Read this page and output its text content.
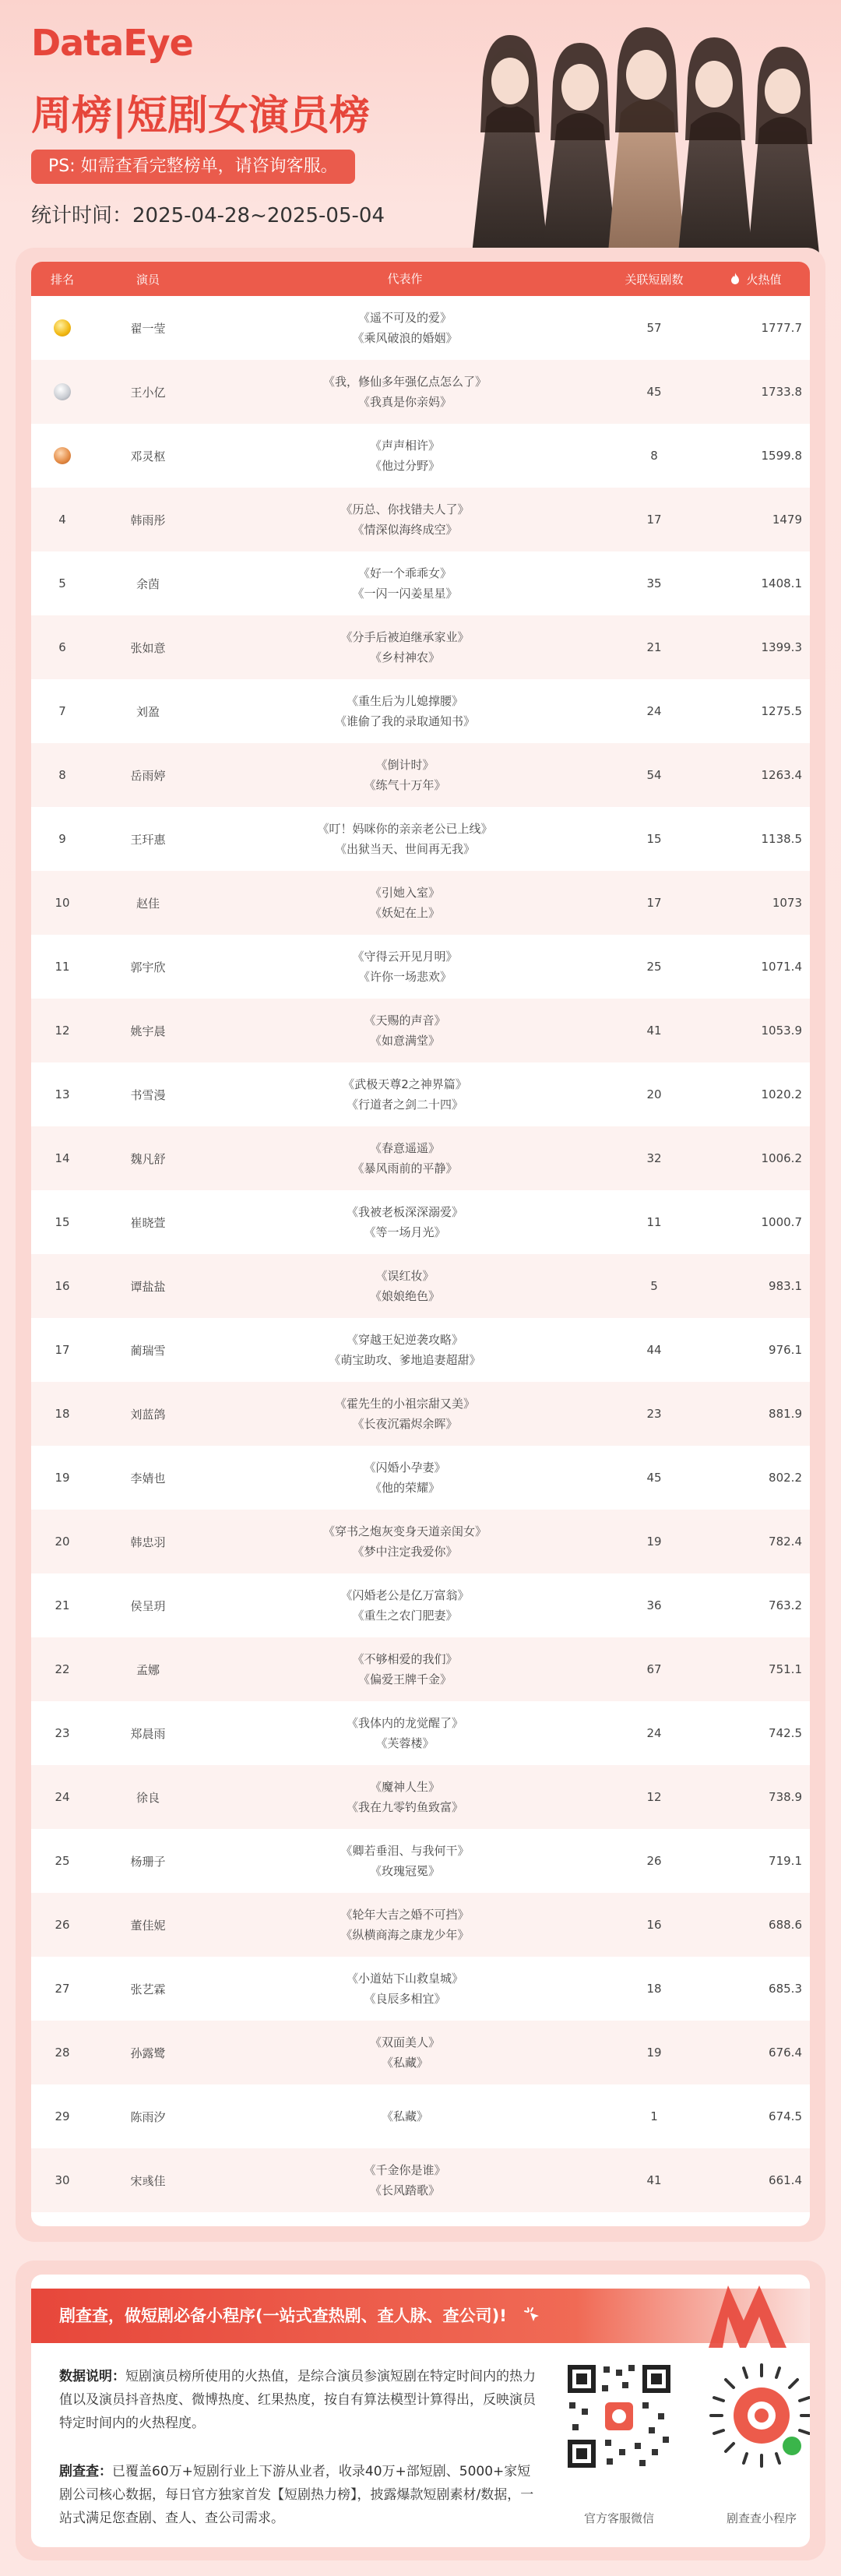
DataEye
周榜|短剧女演员榜
PS: 如需查看完整榜单，请咨询客服。
统计时间：2025-04-28~2025-05-04
排名	演员	代表作	关联短剧数	火热值
翟一莹
《遥不可及的爱》
《乘风破浪的婚姻》
57	1777.7
王小亿
《我，修仙多年强亿点怎么了》
《我真是你亲妈》
45	1733.8
邓灵枢
《声声相许》
《他过分野》
8	1599.8
4	韩雨彤
《历总、你找错夫人了》
《情深似海终成空》
17	1479
5	余茵
《好一个乖乖女》
《一闪一闪姜星星》
35	1408.1
6	张如意
《分手后被迫继承家业》
《乡村神农》
21	1399.3
7	刘盈
《重生后为儿媳撑腰》
《谁偷了我的录取通知书》
24	1275.5
8	岳雨婷
《倒计时》
《练气十万年》
54	1263.4
9	王玕惠
《叮！妈咪你的亲亲老公已上线》
《出狱当天、世间再无我》
15	1138.5
10	赵佳
《引她入室》
《妖妃在上》
17	1073
11	郭宇欣
《守得云开见月明》
《许你一场悲欢》
25	1071.4
12	姚宇晨
《天赐的声音》
《如意满堂》
41	1053.9
13	书雪漫
《武极天尊2之神界篇》
《行道者之剑二十四》
20	1020.2
14	魏凡舒
《春意遥遥》
《暴风雨前的平静》
32	1006.2
15	崔晓萱
《我被老板深深溺爱》
《等一场月光》
11	1000.7
16	谭盐盐
《误红妆》
《娘娘绝色》
5	983.1
17	蔺瑞雪
《穿越王妃逆袭攻略》
《萌宝助攻、爹地追妻超甜》
44	976.1
18	刘蓝鸽
《霍先生的小祖宗甜又美》
《长夜沉霜烬余晖》
23	881.9
19	李婧也
《闪婚小孕妻》
《他的荣耀》
45	802.2
20	韩忠羽
《穿书之炮灰变身天道亲闺女》
《梦中注定我爱你》
19	782.4
21	侯呈玥
《闪婚老公是亿万富翁》
《重生之农门肥妻》
36	763.2
22	孟娜
《不够相爱的我们》
《偏爱王牌千金》
67	751.1
23	郑晨雨
《我体内的龙觉醒了》
《芙蓉楼》
24	742.5
24	徐良
《魔神人生》
《我在九零钓鱼致富》
12	738.9
25	杨珊子
《卿若垂泪、与我何干》
《玫瑰冠冕》
26	719.1
26	董佳妮
《轮年大吉之婚不可挡》
《纵横商海之康龙少年》
16	688.6
27	张艺霖
《小道姑下山救皇城》
《良辰多相宜》
18	685.3
28	孙露鹭
《双面美人》
《私藏》
19	676.4
29	陈雨汐	《私藏》	1	674.5
30	宋彧佳
《千金你是谁》
《长风踏歌》
41	661.4
剧查查，做短剧必备小程序(一站式查热剧、查人脉、查公司)!
数据说明：短剧演员榜所使用的火热值，是综合演员参演短剧在特定时间内的热力值以及演员抖音热度、微博热度、红果热度，按自有算法模型计算得出，反映演员特定时间内的火热程度。
剧查查：已覆盖60万+短剧行业上下游从业者，收录40万+部短剧、5000+家短剧公司核心数据，每日官方独家首发【短剧热力榜】，披露爆款短剧素材/数据，一站式满足您查剧、查人、查公司需求。	官方客服微信	剧查查小程序
